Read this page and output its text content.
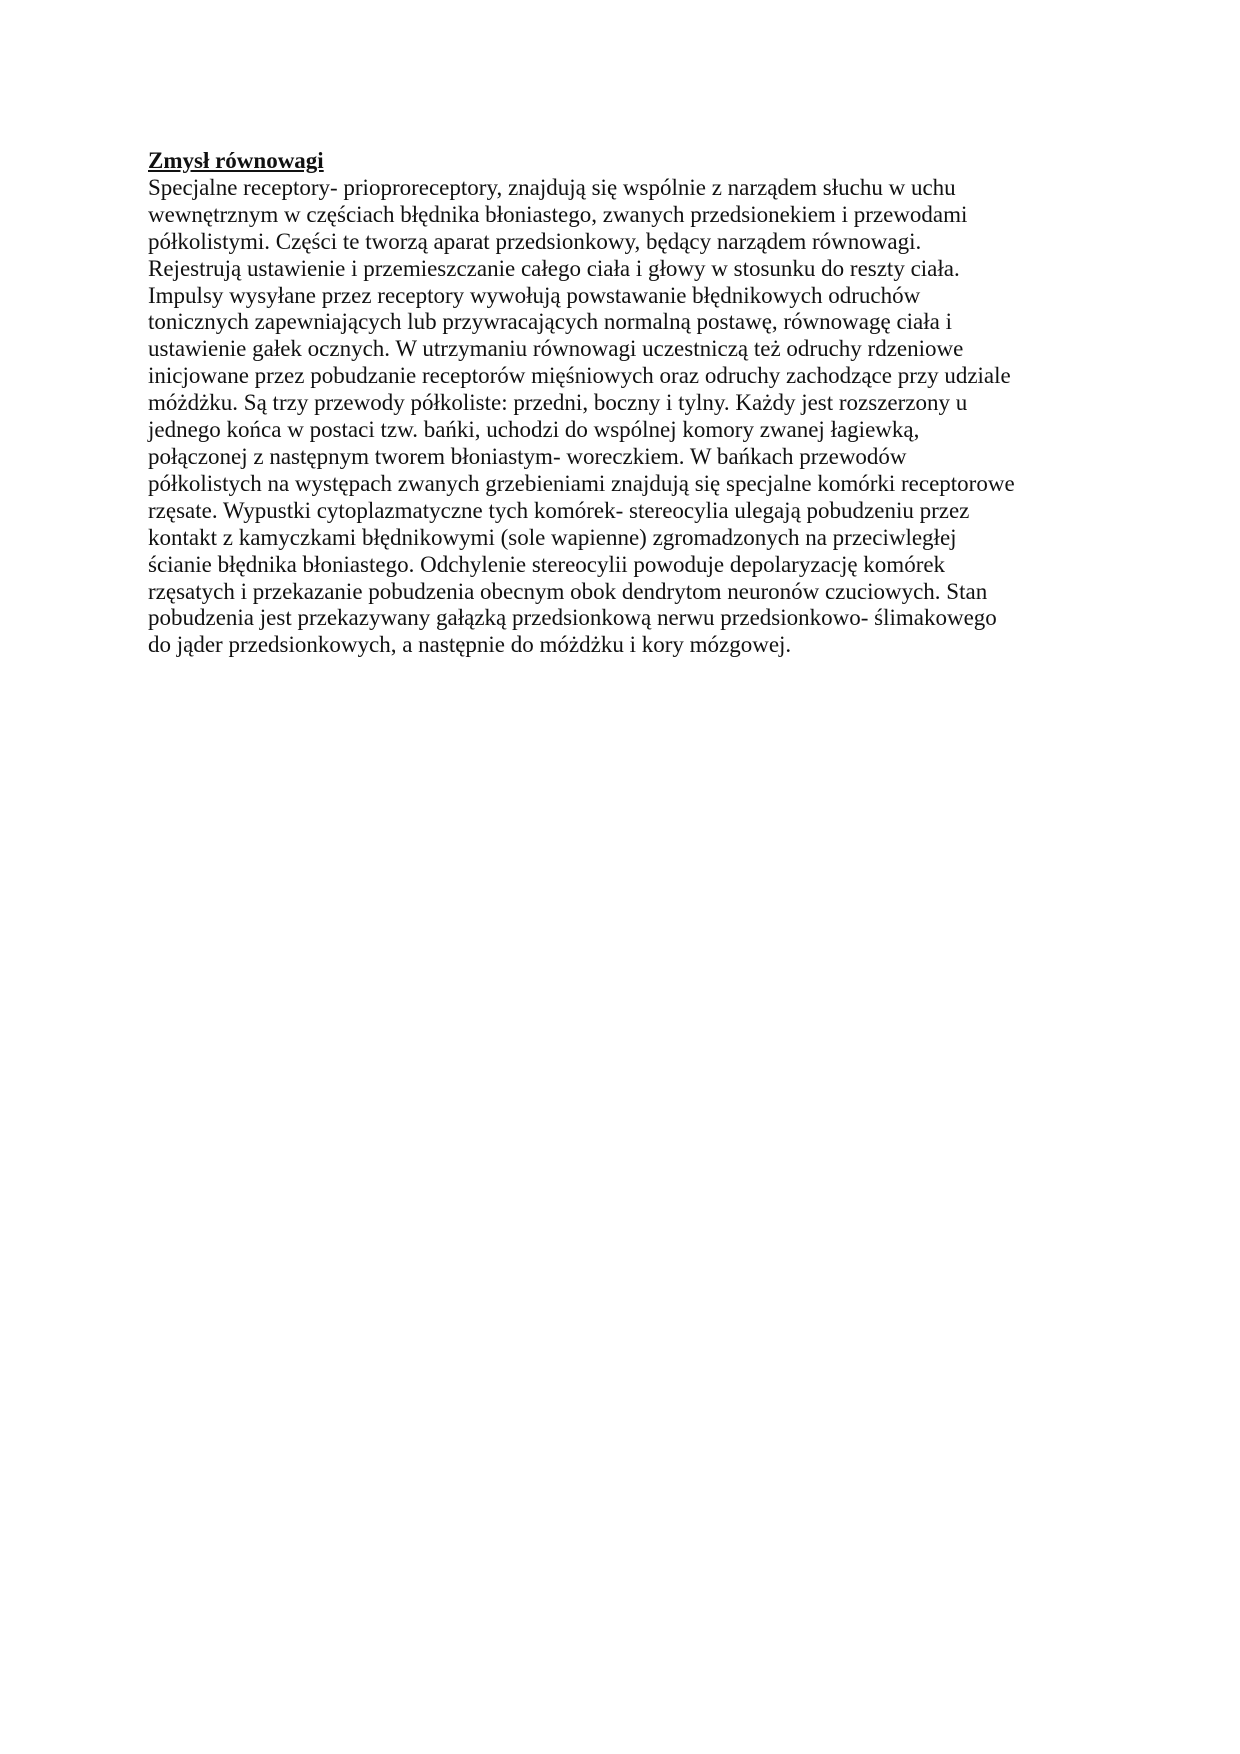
Zmysł równowagi
Specjalne receptory- prioproreceptory, znajdują się wspólnie z narządem słuchu w uchu
wewnętrznym w częściach błędnika błoniastego, zwanych przedsionekiem i przewodami
półkolistymi. Części te tworzą aparat przedsionkowy, będący narządem równowagi.
Rejestrują ustawienie i przemieszczanie całego ciała i głowy w stosunku do reszty ciała.
Impulsy wysyłane przez receptory wywołują powstawanie błędnikowych odruchów
tonicznych zapewniających lub przywracających normalną postawę, równowagę ciała i
ustawienie gałek ocznych. W utrzymaniu równowagi uczestniczą też odruchy rdzeniowe
inicjowane przez pobudzanie receptorów mięśniowych oraz odruchy zachodzące przy udziale
móżdżku. Są trzy przewody półkoliste: przedni, boczny i tylny. Każdy jest rozszerzony u
jednego końca w postaci tzw. bańki, uchodzi do wspólnej komory zwanej łagiewką,
połączonej z następnym tworem błoniastym- woreczkiem. W bańkach przewodów
półkolistych na występach zwanych grzebieniami znajdują się specjalne komórki receptorowe
rzęsate. Wypustki cytoplazmatyczne tych komórek- stereocylia ulegają pobudzeniu przez
kontakt z kamyczkami błędnikowymi (sole wapienne) zgromadzonych na przeciwległej
ścianie błędnika błoniastego. Odchylenie stereocylii powoduje depolaryzację komórek
rzęsatych i przekazanie pobudzenia obecnym obok dendrytom neuronów czuciowych. Stan
pobudzenia jest przekazywany gałązką przedsionkową nerwu przedsionkowo- ślimakowego
do jąder przedsionkowych, a następnie do móżdżku i kory mózgowej.
